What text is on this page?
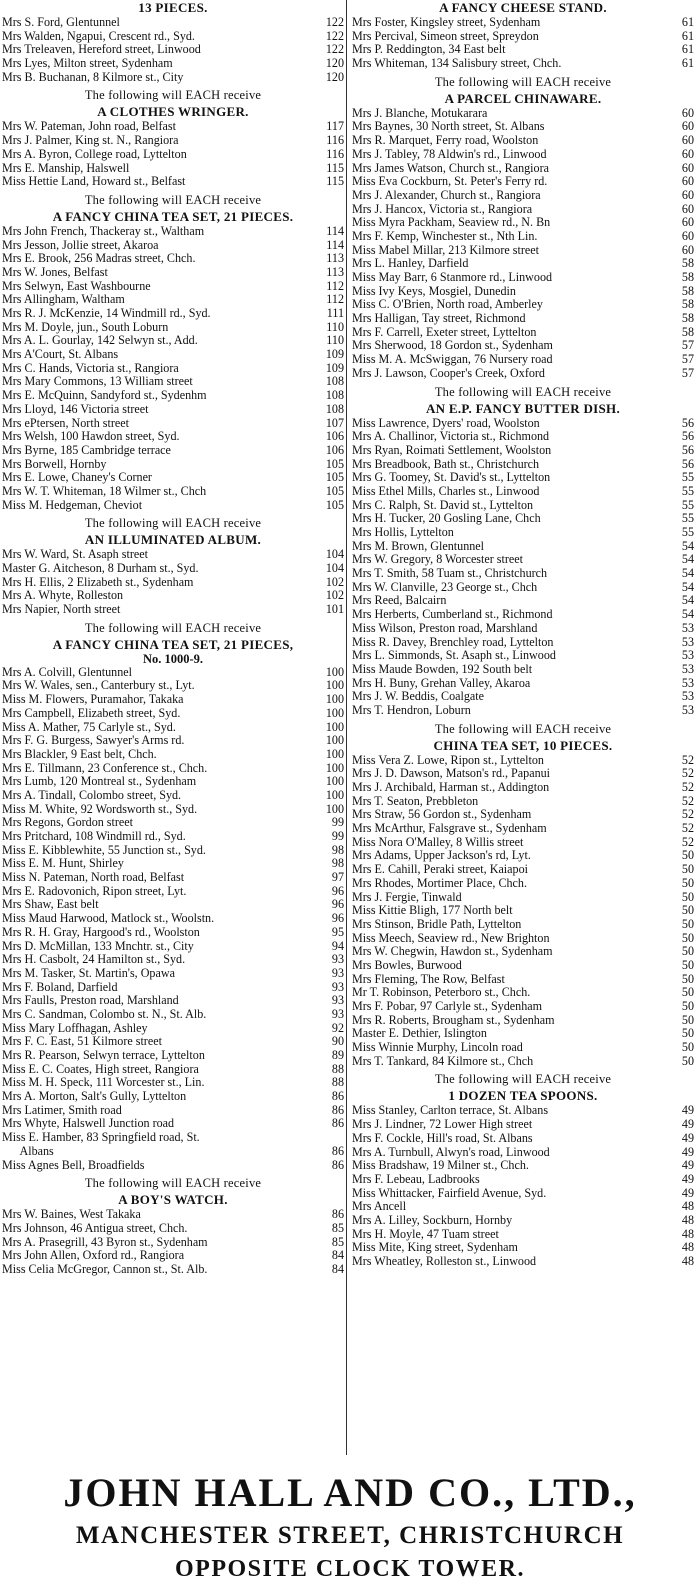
13 PIECES.
Mrs S. Ford, Glentunnel	122
Mrs Walden, Ngapui, Crescent rd., Syd.	122
Mrs Treleaven, Hereford street, Linwood	122
Mrs Lyes, Milton street, Sydenham	120
Mrs B. Buchanan, 8 Kilmore st., City	120
The following will EACH receive
A CLOTHES WRINGER.
Mrs W. Pateman, John road, Belfast	117
Mrs J. Palmer, King st. N., Rangiora	116
Mrs A. Byron, College road, Lyttelton	116
Mrs E. Manship, Halswell	115
Miss Hettie Land, Howard st., Belfast	115
The following will EACH receive
A FANCY CHINA TEA SET, 21 PIECES.
Mrs John French, Thackeray st., Waltham	114
Mrs Jesson, Jollie street, Akaroa	114
Mrs E. Brook, 256 Madras street, Chch.	113
Mrs W. Jones, Belfast	113
Mrs Selwyn, East Washbourne	112
Mrs Allingham, Waltham	112
Mrs R. J. McKenzie, 14 Windmill rd., Syd.	111
Mrs M. Doyle, jun., South Loburn	110
Mrs A. L. Gourlay, 142 Selwyn st., Add.	110
Mrs A'Court, St. Albans	109
Mrs C. Hands, Victoria st., Rangiora	109
Mrs Mary Commons, 13 William street	108
Mrs E. McQuinn, Sandyford st., Sydenhm	108
Mrs Lloyd, 146 Victoria street	108
Mrs ePtersen, North street	107
Mrs Welsh, 100 Hawdon street, Syd.	106
Mrs Byrne, 185 Cambridge terrace	106
Mrs Borwell, Hornby	105
Mrs E. Lowe, Chaney's Corner	105
Mrs W. T. Whiteman, 18 Wilmer st., Chch	105
Miss M. Hedgeman, Cheviot	105
The following will EACH receive
AN ILLUMINATED ALBUM.
Mrs W. Ward, St. Asaph street	104
Master G. Aitcheson, 8 Durham st., Syd.	104
Mrs H. Ellis, 2 Elizabeth st., Sydenham	102
Mrs A. Whyte, Rolleston	102
Mrs Napier, North street	101
The following will EACH receive
A FANCY CHINA TEA SET, 21 PIECES,
No. 1000-9.
Mrs A. Colvill, Glentunnel	100
Mrs W. Wales, sen., Canterbury st., Lyt.	100
Miss M. Flowers, Puramahor, Takaka	100
Mrs Campbell, Elizabeth street, Syd.	100
Miss A. Mather, 75 Carlyle st., Syd.	100
Mrs F. G. Burgess, Sawyer's Arms rd.	100
Mrs Blackler, 9 East belt, Chch.	100
Mrs E. Tillmann, 23 Conference st., Chch.	100
Mrs Lumb, 120 Montreal st., Sydenham	100
Mrs A. Tindall, Colombo street, Syd.	100
Miss M. White, 92 Wordsworth st., Syd.	100
Mrs Regons, Gordon street	99
Mrs Pritchard, 108 Windmill rd., Syd.	99
Miss E. Kibblewhite, 55 Junction st., Syd.	98
Miss E. M. Hunt, Shirley	98
Miss N. Pateman, North road, Belfast	97
Mrs E. Radovonich, Ripon street, Lyt.	96
Mrs Shaw, East belt	96
Miss Maud Harwood, Matlock st., Woolstn.	96
Mrs R. H. Gray, Hargood's rd., Woolston	95
Mrs D. McMillan, 133 Mnchtr. st., City	94
Mrs H. Casbolt, 24 Hamilton st., Syd.	93
Mrs M. Tasker, St. Martin's, Opawa	93
Mrs F. Boland, Darfield	93
Mrs Faulls, Preston road, Marshland	93
Mrs C. Sandman, Colombo st. N., St. Alb.	93
Miss Mary Loffhagan, Ashley	92
Mrs F. C. East, 51 Kilmore street	90
Mrs R. Pearson, Selwyn terrace, Lyttelton	89
Miss E. C. Coates, High street, Rangiora	88
Miss M. H. Speck, 111 Worcester st., Lin.	88
Mrs A. Morton, Salt's Gully, Lyttelton	86
Mrs Latimer, Smith road	86
Mrs Whyte, Halswell Junction road	86
Miss E. Hamber, 83 Springfield road, St.
Albans	86
Miss Agnes Bell, Broadfields	86
The following will EACH receive
A BOY'S WATCH.
Mrs W. Baines, West Takaka	86
Mrs Johnson, 46 Antigua street, Chch.	85
Mrs A. Prasegrill, 43 Byron st., Sydenham	85
Mrs John Allen, Oxford rd., Rangiora	84
Miss Celia McGregor, Cannon st., St. Alb.	84
A FANCY CHEESE STAND.
Mrs Foster, Kingsley street, Sydenham	61
Mrs Percival, Simeon street, Spreydon	61
Mrs P. Reddington, 34 East belt	61
Mrs Whiteman, 134 Salisbury street, Chch.	61
The following will EACH receive
A PARCEL CHINAWARE.
Mrs J. Blanche, Motukarara	60
Mrs Baynes, 30 North street, St. Albans	60
Mrs R. Marquet, Ferry road, Woolston	60
Mrs J. Tabley, 78 Aldwin's rd., Linwood	60
Mrs James Watson, Church st., Rangiora	60
Miss Eva Cockburn, St. Peter's Ferry rd.	60
Mrs J. Alexander, Church st., Rangiora	60
Mrs J. Hancox, Victoria st., Rangiora	60
Miss Myra Packham, Seaview rd., N. Bn	60
Mrs F. Kemp, Winchester st., Nth Lin.	60
Miss Mabel Millar, 213 Kilmore street	60
Mrs L. Hanley, Darfield	58
Miss May Barr, 6 Stanmore rd., Linwood	58
Miss Ivy Keys, Mosgiel, Dunedin	58
Miss C. O'Brien, North road, Amberley	58
Mrs Halligan, Tay street, Richmond	58
Mrs F. Carrell, Exeter street, Lyttelton	58
Mrs Sherwood, 18 Gordon st., Sydenham	57
Miss M. A. McSwiggan, 76 Nursery road	57
Mrs J. Lawson, Cooper's Creek, Oxford	57
The following will EACH receive
AN E.P. FANCY BUTTER DISH.
Miss Lawrence, Dyers' road, Woolston	56
Mrs A. Challinor, Victoria st., Richmond	56
Mrs Ryan, Roimati Settlement, Woolston	56
Mrs Breadbook, Bath st., Christchurch	56
Mrs G. Toomey, St. David's st., Lyttelton	55
Miss Ethel Mills, Charles st., Linwood	55
Mrs C. Ralph, St. David st., Lyttelton	55
Mrs H. Tucker, 20 Gosling Lane, Chch	55
Mrs Hollis, Lyttelton	55
Mrs M. Brown, Glentunnel	54
Mrs W. Gregory, 8 Worcester street	54
Mrs T. Smith, 58 Tuam st., Christchurch	54
Mrs W. Clanville, 23 George st., Chch	54
Mrs Reed, Balcairn	54
Mrs Herberts, Cumberland st., Richmond	54
Miss Wilson, Preston road, Marshland	53
Miss R. Davey, Brenchley road, Lyttelton	53
Mrs L. Simmonds, St. Asaph st., Linwood	53
Miss Maude Bowden, 192 South belt	53
Mrs H. Buny, Grehan Valley, Akaroa	53
Mrs J. W. Beddis, Coalgate	53
Mrs T. Hendron, Loburn	53
The following will EACH receive
CHINA TEA SET, 10 PIECES.
Miss Vera Z. Lowe, Ripon st., Lyttelton	52
Mrs J. D. Dawson, Matson's rd., Papanui	52
Mrs J. Archibald, Harman st., Addington	52
Mrs T. Seaton, Prebbleton	52
Mrs Straw, 56 Gordon st., Sydenham	52
Mrs McArthur, Falsgrave st., Sydenham	52
Miss Nora O'Malley, 8 Willis street	52
Mrs Adams, Upper Jackson's rd, Lyt.	50
Mrs E. Cahill, Peraki street, Kaiapoi	50
Mrs Rhodes, Mortimer Place, Chch.	50
Mrs J. Fergie, Tinwald	50
Miss Kittie Bligh, 177 North belt	50
Mrs Stinson, Bridle Path, Lyttelton	50
Miss Meech, Seaview rd., New Brighton	50
Mrs W. Chegwin, Hawdon st., Sydenham	50
Mrs Bowles, Burwood	50
Mrs Fleming, The Row, Belfast	50
Mr T. Robinson, Peterboro st., Chch.	50
Mrs F. Pobar, 97 Carlyle st., Sydenham	50
Mrs R. Roberts, Brougham st., Sydenham	50
Master E. Dethier, Islington	50
Miss Winnie Murphy, Lincoln road	50
Mrs T. Tankard, 84 Kilmore st., Chch	50
The following will EACH receive
1 DOZEN TEA SPOONS.
Miss Stanley, Carlton terrace, St. Albans	49
Mrs J. Lindner, 72 Lower High street	49
Mrs F. Cockle, Hill's road, St. Albans	49
Mrs A. Turnbull, Alwyn's road, Linwood	49
Miss Bradshaw, 19 Milner st., Chch.	49
Mrs F. Lebeau, Ladbrooks	49
Miss Whittacker, Fairfield Avenue, Syd.	49
Mrs Ancell	48
Mrs A. Lilley, Sockburn, Hornby	48
Mrs H. Moyle, 47 Tuam street	48
Miss Mite, King street, Sydenham	48
Mrs Wheatley, Rolleston st., Linwood	48
JOHN HALL AND CO., LTD.,
MANCHESTER STREET, CHRISTCHURCH
OPPOSITE CLOCK TOWER.
